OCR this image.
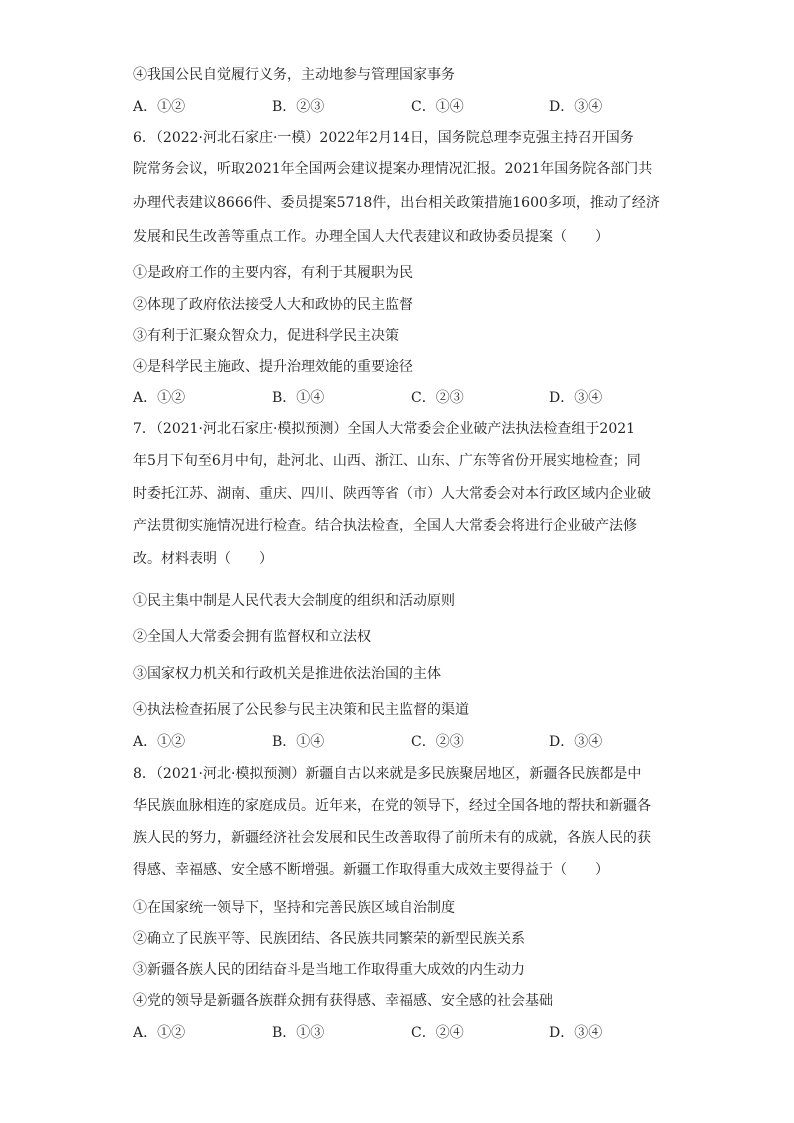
④我国公民自觉履行义务，主动地参与管理国家事务
A．①②	B．②③	C．①④	D．③④
6．（2022·河北石家庄·一模）2022年2月14日，国务院总理李克强主持召开国务
院常务会议，听取2021年全国两会建议提案办理情况汇报。2021年国务院各部门共
办理代表建议8666件、委员提案5718件，出台相关政策措施1600多项，推动了经济
发展和民生改善等重点工作。办理全国人大代表建议和政协委员提案（　　）
①是政府工作的主要内容，有利于其履职为民
②体现了政府依法接受人大和政协的民主监督
③有利于汇聚众智众力，促进科学民主决策
④是科学民主施政、提升治理效能的重要途径
A．①②	B．①④	C．②③	D．③④
7．（2021·河北石家庄·模拟预测）全国人大常委会企业破产法执法检查组于2021
年5月下旬至6月中旬，赴河北、山西、浙江、山东、广东等省份开展实地检查；同
时委托江苏、湖南、重庆、四川、陕西等省（市）人大常委会对本行政区域内企业破
产法贯彻实施情况进行检查。结合执法检查，全国人大常委会将进行企业破产法修
改。材料表明（　　）
①民主集中制是人民代表大会制度的组织和活动原则
②全国人大常委会拥有监督权和立法权
③国家权力机关和行政机关是推进依法治国的主体
④执法检查拓展了公民参与民主决策和民主监督的渠道
A．①②	B．①④	C．②③	D．③④
8．（2021·河北·模拟预测）新疆自古以来就是多民族聚居地区，新疆各民族都是中
华民族血脉相连的家庭成员。近年来，在党的领导下，经过全国各地的帮扶和新疆各
族人民的努力，新疆经济社会发展和民生改善取得了前所未有的成就，各族人民的获
得感、幸福感、安全感不断增强。新疆工作取得重大成效主要得益于（　　）
①在国家统一领导下，坚持和完善民族区域自治制度
②确立了民族平等、民族团结、各民族共同繁荣的新型民族关系
③新疆各族人民的团结奋斗是当地工作取得重大成效的内生动力
④党的领导是新疆各族群众拥有获得感、幸福感、安全感的社会基础
A．①②	B．①③	C．②④	D．③④
